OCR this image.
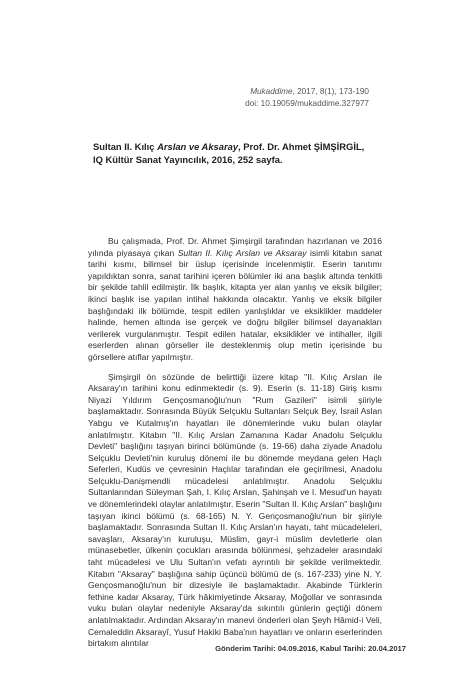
Mukaddime, 2017, 8(1), 173-190
doi: 10.19059/mukaddime.327977
Sultan II. Kılıç Arslan ve Aksaray, Prof. Dr. Ahmet ŞİMŞİRGİL,
IQ Kültür Sanat Yayıncılık, 2016, 252 sayfa.

Bu çalışmada, Prof. Dr. Ahmet Şimşirgil tarafından hazırlanan ve 2016 yılında piyasaya çıkan Sultan II. Kılıç Arslan ve Aksaray isimli kitabın sanat tarihi kısmı, bilimsel bir üslup içerisinde incelenmiştir. Eserin tanıtımı yapıldıktan sonra, sanat tarihini içeren bölümler iki ana başlık altında tenkitli bir şekilde tahlil edilmiştir. İlk başlık, kitapta yer alan yanlış ve eksik bilgiler; ikinci başlık ise yapılan intihal hakkında olacaktır. Yanlış ve eksik bilgiler başlığındaki ilk bölümde, tespit edilen yanlışlıklar ve eksiklikler maddeler halinde, hemen altında ise gerçek ve doğru bilgiler bilimsel dayanakları verilerek vurgulanmıştır. Tespit edilen hatalar, eksiklikler ve intihaller, ilgili eserlerden alınan görseller ile desteklenmiş olup metin içerisinde bu görsellere atıflar yapılmıştır.

Şimşirgil ön sözünde de belirttiği üzere kitap "II. Kılıç Arslan ile Aksaray'ın tarihini konu edinmektedir (s. 9). Eserin (s. 11-18) Giriş kısmı Niyazi Yıldırım Gençosmanoğlu'nun "Rum Gazileri" isimli şiiriyle başlamaktadır. Sonrasında Büyük Selçuklu Sultanları Selçuk Bey, İsrail Aslan Yabgu ve Kutalmış'ın hayatları ile dönemlerinde vuku bulan olaylar anlatılmıştır. Kitabın "II. Kılıç Arslan Zamanına Kadar Anadolu Selçuklu Devleti" başlığını taşıyan birinci bölümünde (s. 19-66) daha ziyade Anadolu Selçuklu Devleti'nin kuruluş dönemi ile bu dönemde meydana gelen Haçlı Seferleri, Kudüs ve çevresinin Haçlılar tarafından ele geçirilmesi, Anadolu Selçuklu-Danişmendli mücadelesi anlatılmıştır. Anadolu Selçuklu Sultanlarından Süleyman Şah, I. Kılıç Arslan, Şahinşah ve I. Mesud'un hayatı ve dönemlerindeki olaylar anlatılmıştır. Eserin "Sultan II. Kılıç Arslan" başlığını taşıyan ikinci bölümü (s. 68-165) N. Y. Gençosmanoğlu'nun bir şiiriyle başlamaktadır. Sonrasında Sultan II. Kılıç Arslan'ın hayatı, taht mücadeleleri, savaşları, Aksaray'ın kuruluşu, Müslim, gayr-i müslim devletlerle olan münasebetler, ülkenin çocukları arasında bölünmesi, şehzadeler arasındaki taht mücadelesi ve Ulu Sultan'ın vefatı ayrıntılı bir şekilde verilmektedir. Kitabın "Aksaray" başlığına sahip üçüncü bölümü de (s. 167-233) yine N. Y. Gençosmanoğlu'nun bir dizesiyle ile başlamaktadır. Akabinde Türklerin fethine kadar Aksaray, Türk hâkimiyetinde Aksaray, Moğollar ve sonrasında vuku bulan olaylar nedeniyle Aksaray'da sıkıntılı günlerin geçtiği dönem anlatılmaktadır. Ardından Aksaray'ın manevi önderleri olan Şeyh Hâmid-i Veli, Cemaleddin Aksarayî, Yusuf Hakiki Baba'nın hayatları ve onların eserlerinden birtakım alıntılar

Gönderim Tarihi: 04.09.2016, Kabul Tarihi: 20.04.2017
